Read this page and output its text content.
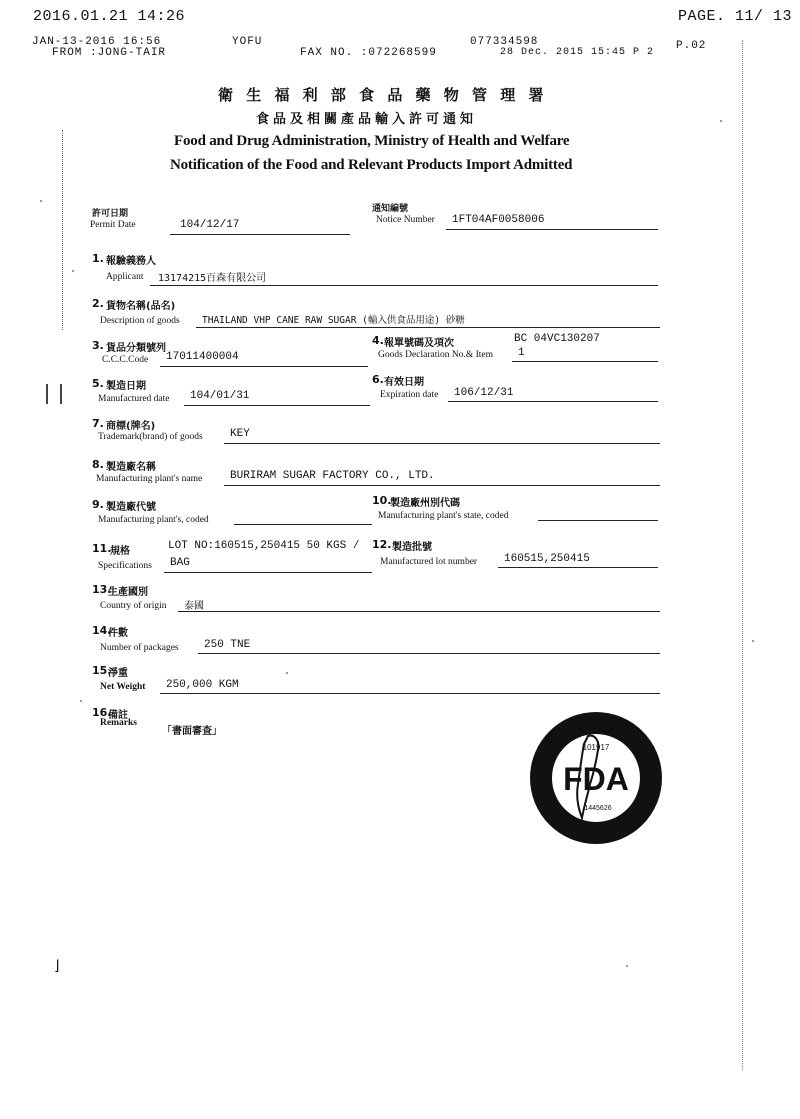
2016.01.21 14:26	PAGE. 11/ 13
JAN-13-2016 16:56
FROM :JONG-TAIR
YOFU
FAX NO. :072268599
077334598
28 Dec. 2015 15:45 P 2
P.02
衛 生 福 利 部 食 品 藥 物 管 理 署
食品及相關產品輸入許可通知
Food and Drug Administration, Ministry of Health and Welfare
Notification of the Food and Relevant Products Import Admitted
許可日期
Permit Date	104/12/17
通知編號
Notice Number 1FT04AF0058006
1. 報驗義務人
Applicant 13174215百森有限公司
2. 貨物名稱(品名)
Description of goods THAILAND VHP CANE RAW SUGAR (輸入供食品用途) 砂糖
3. 貨品分類號列
C.C.C.Code 17011400004
4. 報單號碼及項次	BC 04VC130207
Goods Declaration No.& Item 1
5. 製造日期
Manufactured date 104/01/31
6. 有效日期
Expiration date 106/12/31
7. 商標(牌名)
Trademark(brand) of goods KEY
8. 製造廠名稱
Manufacturing plant's name	BURIRAM SUGAR FACTORY CO., LTD.
9. 製造廠代號
Manufacturing plant's, coded
10.
製造廠州別代碼
Manufacturing plant's state, coded
11.
規格	LOT NO:160515,250415 50 KGS /
Specifications BAG
12. 製造批號
Manufactured lot number 160515,250415
13.
生產國別
Country of origin 泰國
14.
件數
Number of packages 250 TNE
15.
淨重
Net Weight 250,000 KGM
16.
備註
Remarks
「書面審查」
101917
FDA
1445626
⌋
